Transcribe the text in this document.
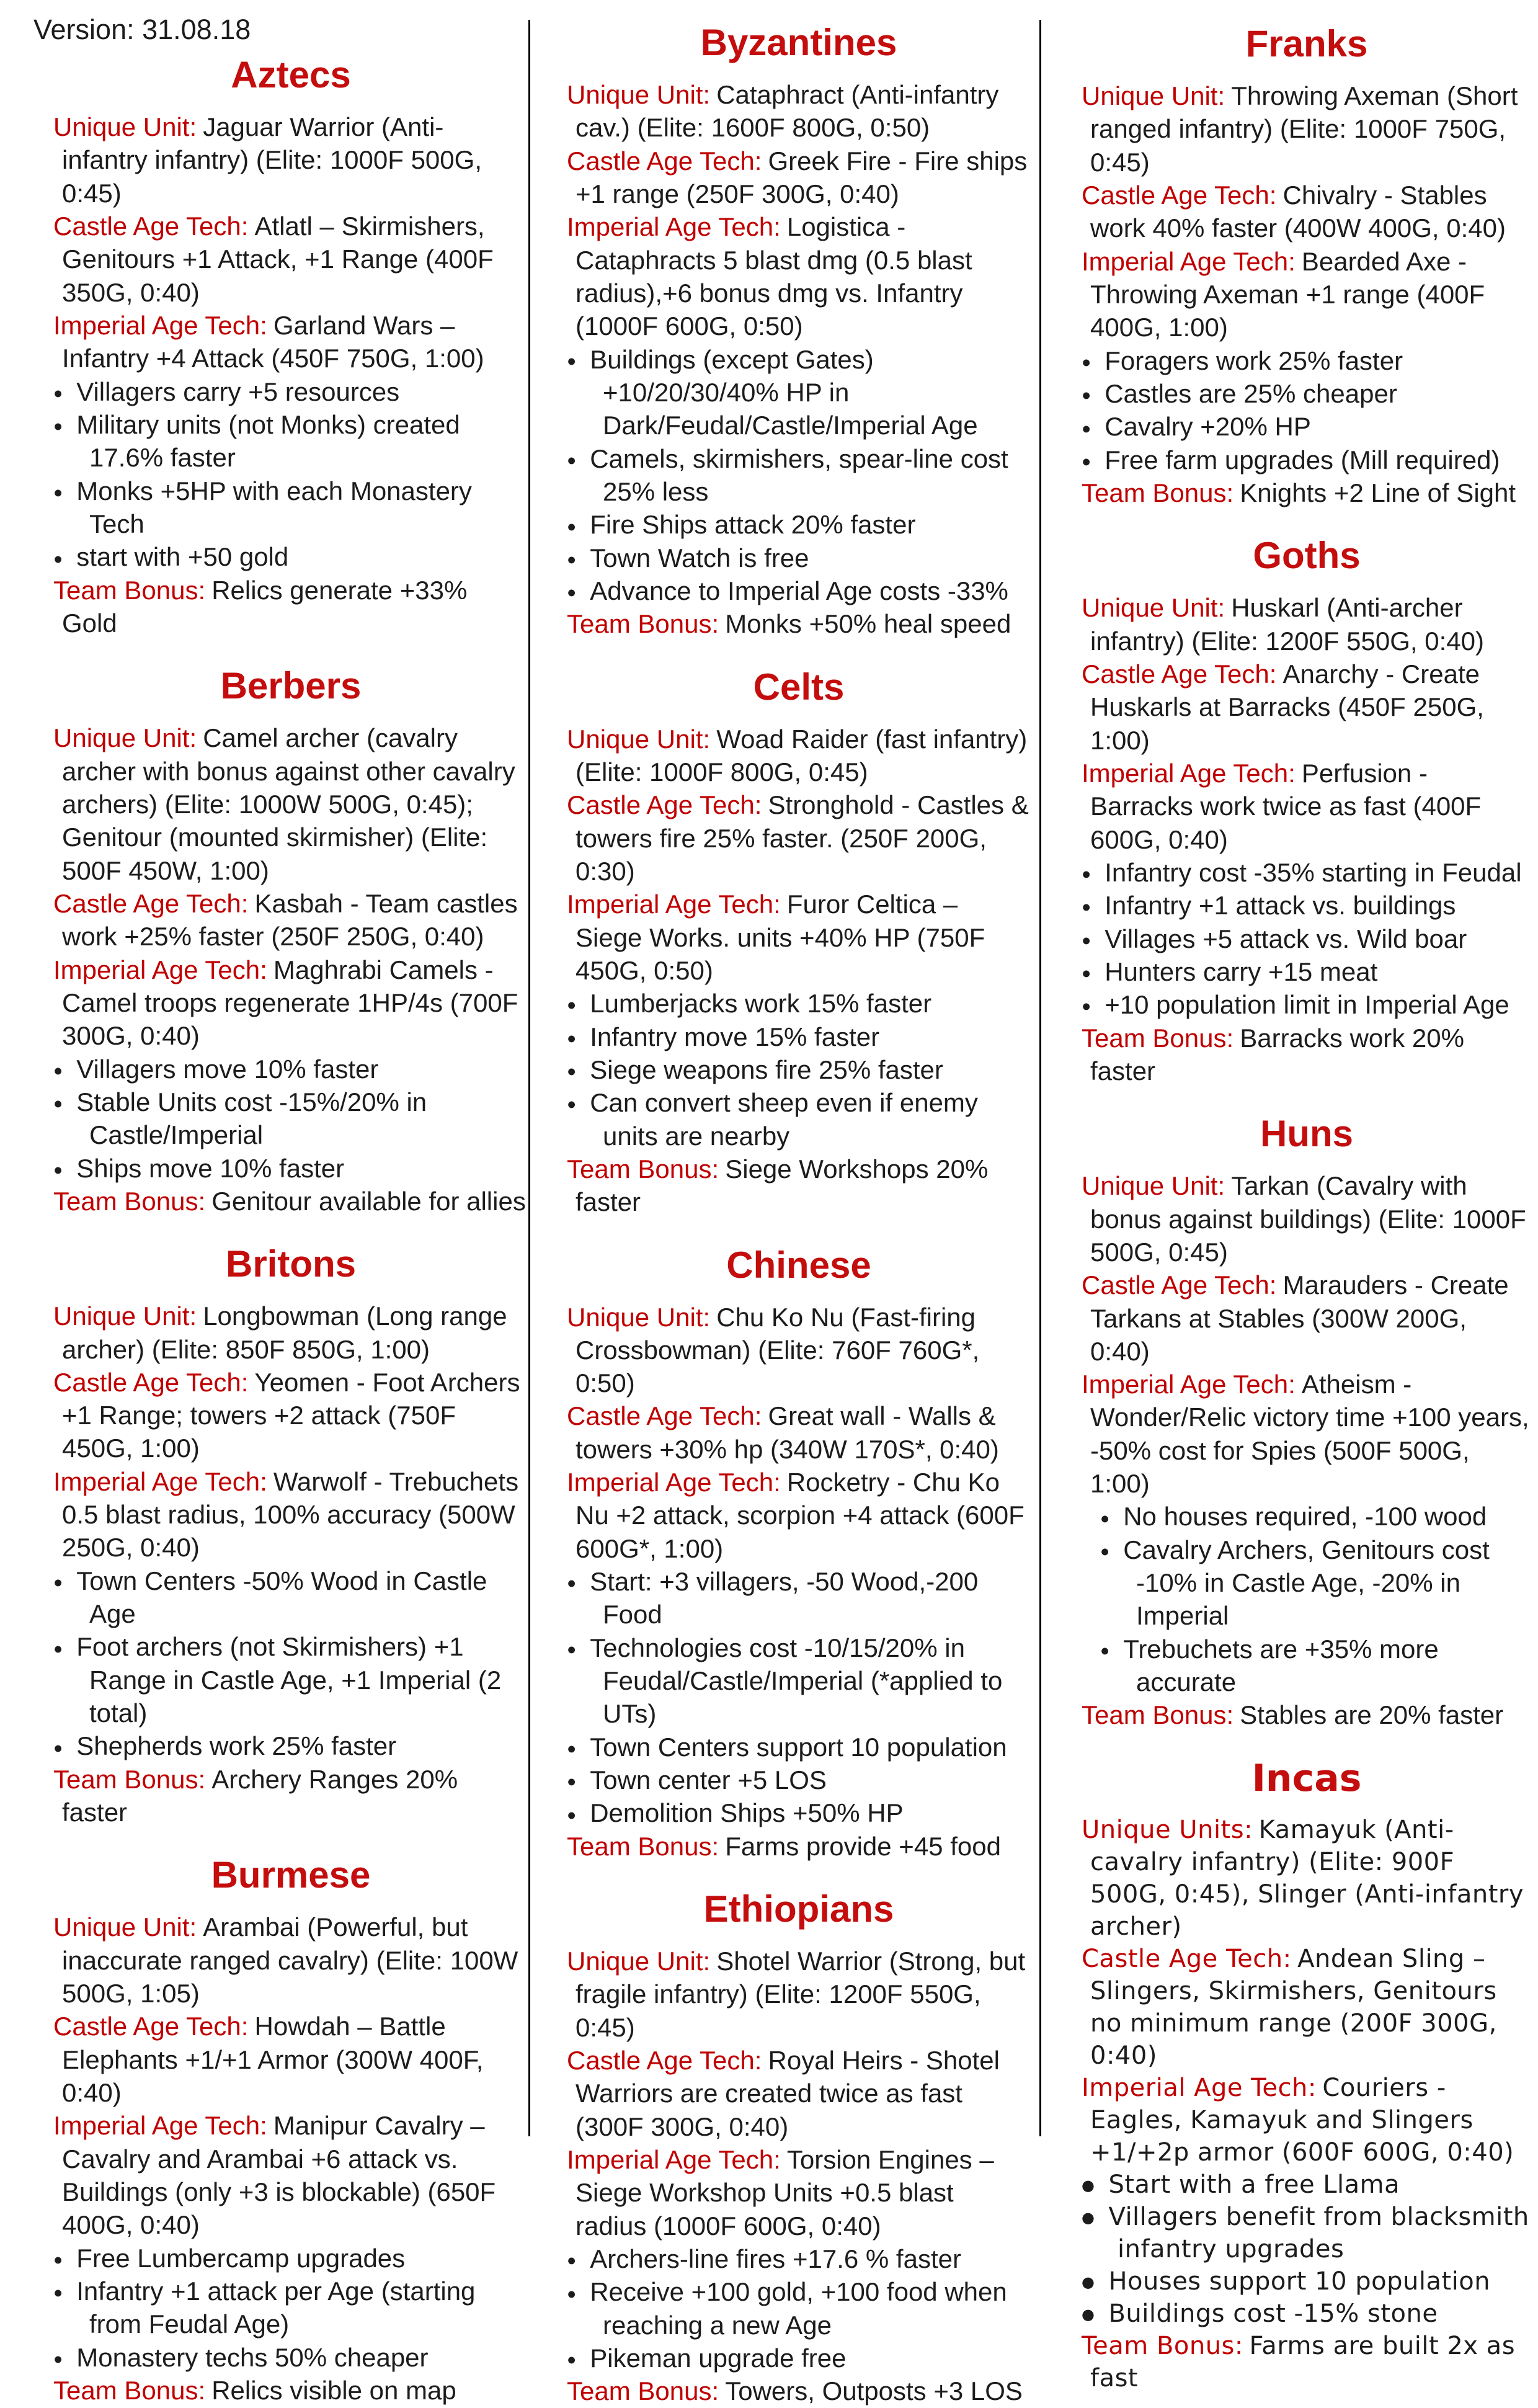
Version: 31.08.18
Aztecs

Unique Unit: Jaguar Warrior (Anti-infantry infantry) (Elite: 1000F 500G, 0:45)

Castle Age Tech: Atlatl – Skirmishers, Genitours +1 Attack, +1 Range (400F 350G, 0:40)

Imperial Age Tech: Garland Wars – Infantry +4 Attack (450F 750G, 1:00)

● Villagers carry +5 resources

● Military units (not Monks) created 17.6% faster

● Monks +5HP with each Monastery Tech

● start with +50 gold

Team Bonus: Relics generate +33% Gold

Berbers

Unique Unit: Camel archer (cavalry archer with bonus against other cavalry archers) (Elite: 1000W 500G, 0:45); Genitour (mounted skirmisher) (Elite: 500F 450W, 1:00)

Castle Age Tech: Kasbah - Team castles work +25% faster (250F 250G, 0:40)

Imperial Age Tech: Maghrabi Camels - Camel troops regenerate 1HP/4s (700F 300G, 0:40)

● Villagers move 10% faster

● Stable Units cost -15%/20% in Castle/Imperial

● Ships move 10% faster

Team Bonus: Genitour available for allies

Britons

Unique Unit: Longbowman (Long range archer) (Elite: 850F 850G, 1:00)

Castle Age Tech: Yeomen - Foot Archers +1 Range; towers +2 attack (750F 450G, 1:00)

Imperial Age Tech: Warwolf - Trebuchets 0.5 blast radius, 100% accuracy (500W 250G, 0:40)

● Town Centers -50% Wood in Castle Age

● Foot archers (not Skirmishers) +1 Range in Castle Age, +1 Imperial (2 total)

● Shepherds work 25% faster

Team Bonus: Archery Ranges 20% faster

Burmese

Unique Unit: Arambai (Powerful, but inaccurate ranged cavalry) (Elite: 100W 500G, 1:05)

Castle Age Tech: Howdah – Battle Elephants +1/+1 Armor (300W 400F, 0:40)

Imperial Age Tech: Manipur Cavalry – Cavalry and Arambai +6 attack vs. Buildings (only +3 is blockable) (650F 400G, 0:40)

● Free Lumbercamp upgrades

● Infantry +1 attack per Age (starting from Feudal Age)

● Monastery techs 50% cheaper

Team Bonus: Relics visible on map

Byzantines

Unique Unit: Cataphract (Anti-infantry cav.) (Elite: 1600F 800G, 0:50)

Castle Age Tech: Greek Fire - Fire ships +1 range (250F 300G, 0:40)

Imperial Age Tech: Logistica - Cataphracts 5 blast dmg (0.5 blast radius),+6 bonus dmg vs. Infantry (1000F 600G, 0:50)

● Buildings (except Gates) +10/20/30/40% HP in Dark/Feudal/Castle/Imperial Age

● Camels, skirmishers, spear-line cost 25% less

● Fire Ships attack 20% faster

● Town Watch is free

● Advance to Imperial Age costs -33%

Team Bonus: Monks +50% heal speed

Celts

Unique Unit: Woad Raider (fast infantry) (Elite: 1000F 800G, 0:45)

Castle Age Tech: Stronghold - Castles & towers fire 25% faster. (250F 200G, 0:30)

Imperial Age Tech: Furor Celtica – Siege Works. units +40% HP (750F 450G, 0:50)

● Lumberjacks work 15% faster

● Infantry move 15% faster

● Siege weapons fire 25% faster

● Can convert sheep even if enemy units are nearby

Team Bonus: Siege Workshops 20% faster

Chinese

Unique Unit: Chu Ko Nu (Fast-firing Crossbowman) (Elite: 760F 760G*, 0:50)

Castle Age Tech: Great wall - Walls & towers +30% hp (340W 170S*, 0:40)

Imperial Age Tech: Rocketry - Chu Ko Nu +2 attack, scorpion +4 attack (600F 600G*, 1:00)

● Start: +3 villagers, -50 Wood,-200 Food

● Technologies cost -10/15/20% in Feudal/Castle/Imperial (*applied to UTs)

● Town Centers support 10 population

● Town center +5 LOS

● Demolition Ships +50% HP

Team Bonus: Farms provide +45 food

Ethiopians

Unique Unit: Shotel Warrior (Strong, but fragile infantry) (Elite: 1200F 550G, 0:45)

Castle Age Tech: Royal Heirs - Shotel Warriors are created twice as fast (300F 300G, 0:40)

Imperial Age Tech: Torsion Engines – Siege Workshop Units +0.5 blast radius (1000F 600G, 0:40)

● Archers-line fires +17.6 % faster

● Receive +100 gold, +100 food when reaching a new Age

● Pikeman upgrade free

Team Bonus: Towers, Outposts +3 LOS

Franks

Unique Unit: Throwing Axeman (Short ranged infantry) (Elite: 1000F 750G, 0:45)

Castle Age Tech: Chivalry - Stables work 40% faster (400W 400G, 0:40)

Imperial Age Tech: Bearded Axe - Throwing Axeman +1 range (400F 400G, 1:00)

● Foragers work 25% faster

● Castles are 25% cheaper

● Cavalry +20% HP

● Free farm upgrades (Mill required)

Team Bonus: Knights +2 Line of Sight

Goths

Unique Unit: Huskarl (Anti-archer infantry) (Elite: 1200F 550G, 0:40)

Castle Age Tech: Anarchy - Create Huskarls at Barracks (450F 250G, 1:00)

Imperial Age Tech: Perfusion - Barracks work twice as fast (400F 600G, 0:40)

● Infantry cost -35% starting in Feudal

● Infantry +1 attack vs. buildings

● Villages +5 attack vs. Wild boar

● Hunters carry +15 meat

● +10 population limit in Imperial Age

Team Bonus: Barracks work 20% faster

Huns

Unique Unit: Tarkan (Cavalry with bonus against buildings) (Elite: 1000F 500G, 0:45)

Castle Age Tech: Marauders - Create Tarkans at Stables (300W 200G, 0:40)

Imperial Age Tech: Atheism - Wonder/Relic victory time +100 years, -50% cost for Spies (500F 500G, 1:00)

● No houses required, -100 wood

● Cavalry Archers, Genitours cost -10% in Castle Age, -20% in Imperial

● Trebuchets are +35% more accurate

Team Bonus: Stables are 20% faster

Incas

Unique Units: Kamayuk (Anti-cavalry infantry) (Elite: 900F 500G, 0:45), Slinger (Anti-infantry archer)

Castle Age Tech: Andean Sling – Slingers, Skirmishers, Genitours no minimum range (200F 300G, 0:40)

Imperial Age Tech: Couriers - Eagles, Kamayuk and Slingers +1/+2p armor (600F 600G, 0:40)

● Start with a free Llama

● Villagers benefit from blacksmith infantry upgrades

● Houses support 10 population

● Buildings cost -15% stone

Team Bonus: Farms are built 2x as fast
